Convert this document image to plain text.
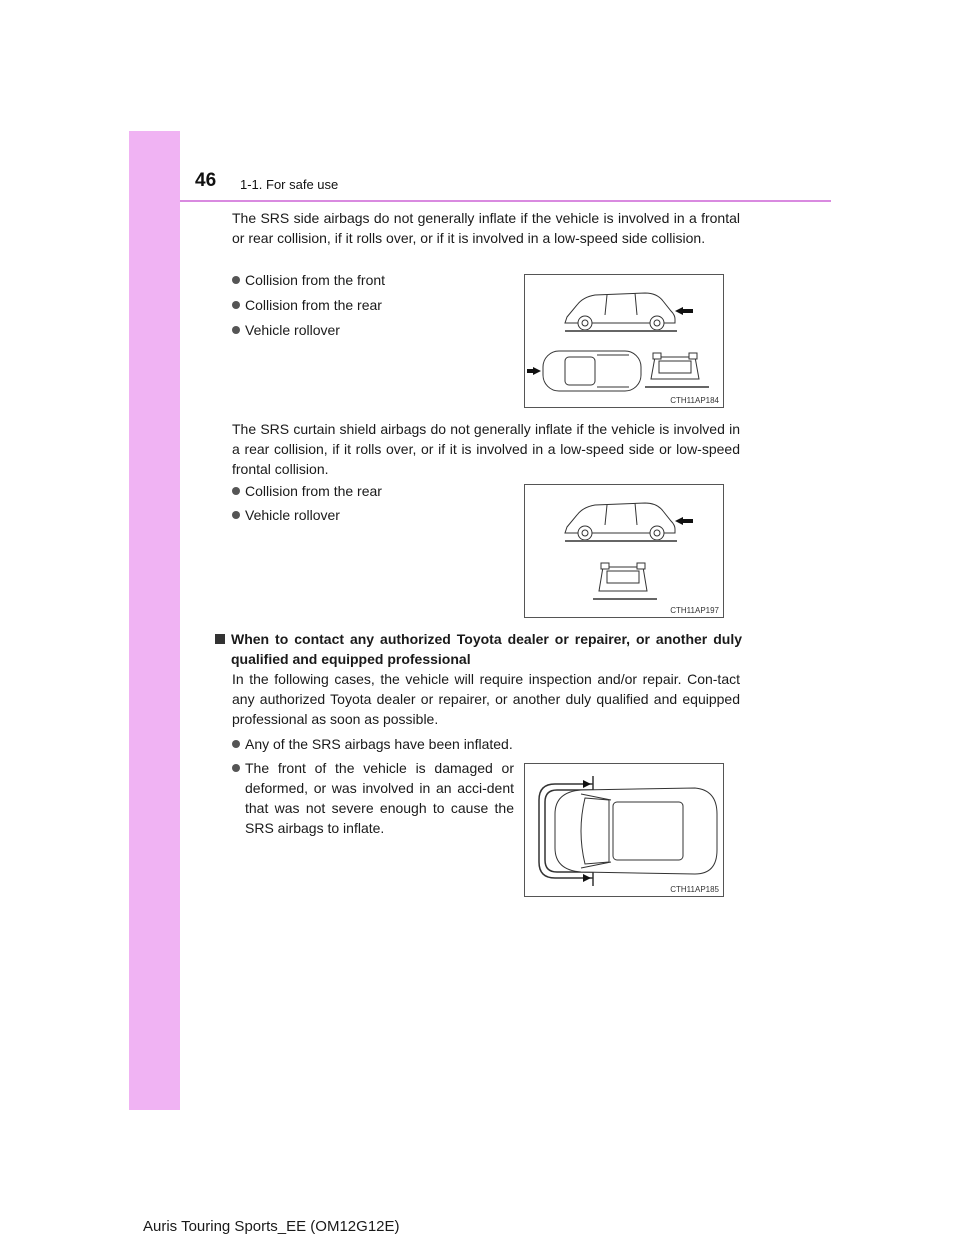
46 1-1. For safe use
The SRS side airbags do not generally inflate if the vehicle is involved in a frontal or rear collision, if it rolls over, or if it is involved in a low-speed side collision.
Collision from the front
Collision from the rear
Vehicle rollover
CTH11AP184
The SRS curtain shield airbags do not generally inflate if the vehicle is involved in a rear collision, if it rolls over, or if it is involved in a low-speed side or low-speed frontal collision.
Collision from the rear
Vehicle rollover
CTH11AP197
When to contact any authorized Toyota dealer or repairer, or another duly qualified and equipped professional
In the following cases, the vehicle will require inspection and/or repair. Con-tact any authorized Toyota dealer or repairer, or another duly qualified and equipped professional as soon as possible.
Any of the SRS airbags have been inflated.
The front of the vehicle is damaged or deformed, or was involved in an acci-dent that was not severe enough to cause the SRS airbags to inflate.
CTH11AP185
Auris Touring Sports_EE (OM12G12E)
